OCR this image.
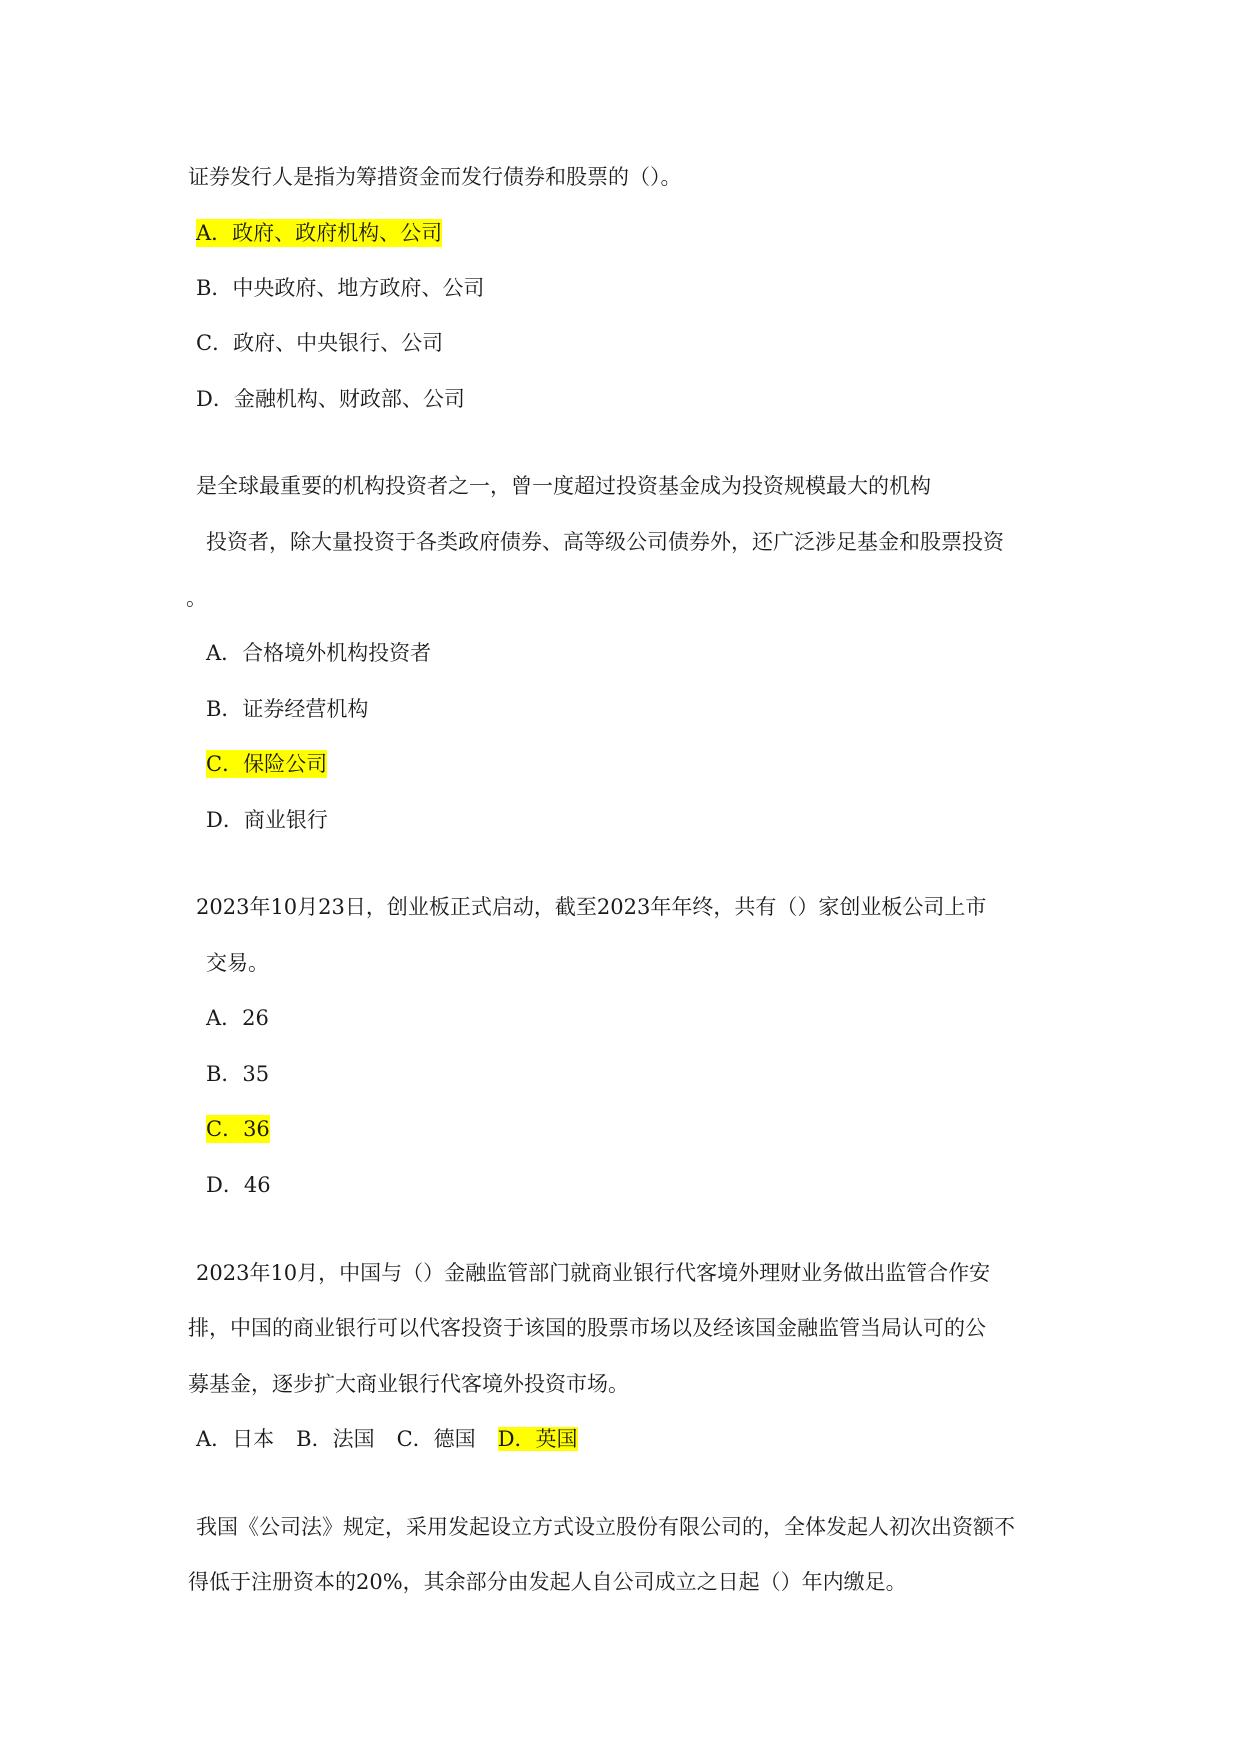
证券发行人是指为筹措资金而发行债券和股票的（）。
A．政府、政府机构、公司
B．中央政府、地方政府、公司
C．政府、中央银行、公司
D．金融机构、财政部、公司
是全球最重要的机构投资者之一，曾一度超过投资基金成为投资规模最大的机构
投资者，除大量投资于各类政府债券、高等级公司债券外，还广泛涉足基金和股票投资
。
A．合格境外机构投资者
B．证券经营机构
C．保险公司
D．商业银行
2023年10月23日，创业板正式启动，截至2023年年终，共有（）家创业板公司上市
交易。
A．26
B．35
C．36
D．46
2023年10月，中国与（）金融监管部门就商业银行代客境外理财业务做出监管合作安
排，中国的商业银行可以代客投资于该国的股票市场以及经该国金融监管当局认可的公
募基金，逐步扩大商业银行代客境外投资市场。
A．日本 B．法国 C．德国 D．英国
我国《公司法》规定，采用发起设立方式设立股份有限公司的，全体发起人初次出资额不
得低于注册资本的20%，其余部分由发起人自公司成立之日起（）年内缴足。
